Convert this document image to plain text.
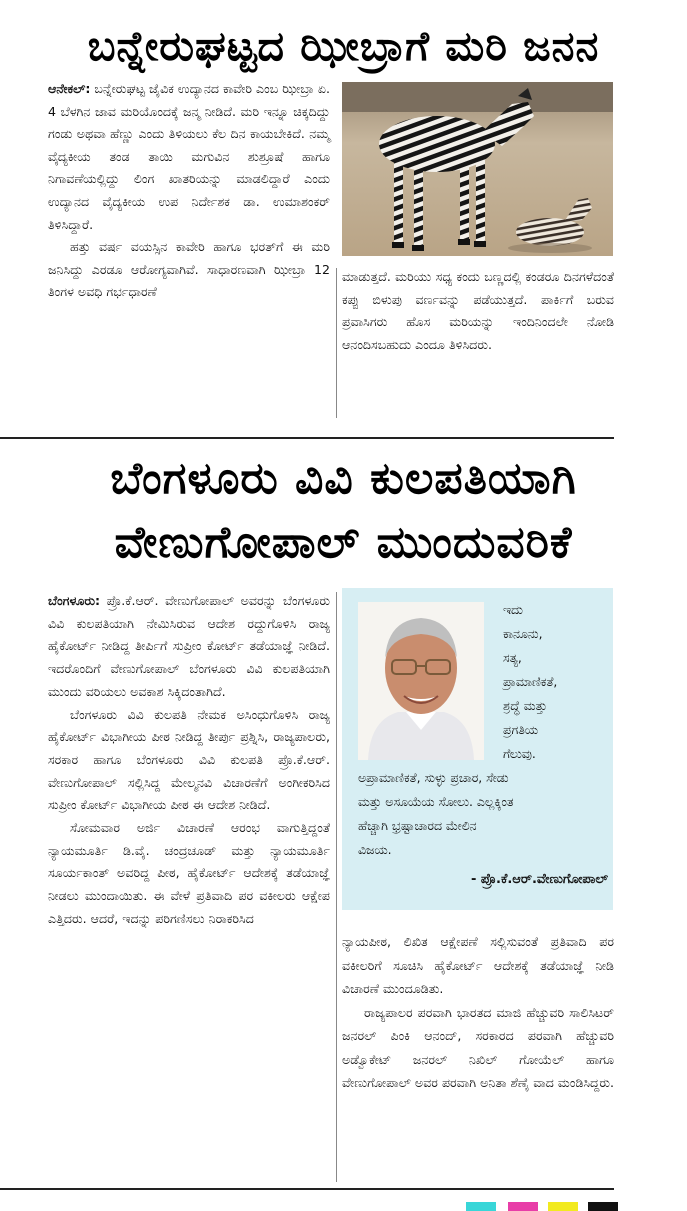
ಬನ್ನೇರುಘಟ್ಟದ ಝೀಬ್ರಾಗೆ ಮರಿ ಜನನ

ಆನೇಕಲ್: ಬನ್ನೇರುಘಟ್ಟ ಜೈವಿಕ ಉದ್ಯಾನದ ಕಾವೇರಿ ಎಂಬ ಝೀಬ್ರಾ ಏ. 4 ಬೆಳಗಿನ ಜಾವ ಮರಿಯೊಂದಕ್ಕೆ ಜನ್ಮ ನೀಡಿದೆ. ಮರಿ ಇನ್ನೂ ಚಿಕ್ಕದಿದ್ದು ಗಂಡು ಅಥವಾ ಹೆಣ್ಣು ಎಂದು ತಿಳಿಯಲು ಕೆಲ ದಿನ ಕಾಯಬೇಕಿದೆ. ನಮ್ಮ ವೈದ್ಯಕೀಯ ತಂಡ ತಾಯಿ ಮಗುವಿನ ಶುಶ್ರೂಷೆ ಹಾಗೂ ನಿಗಾವಣೆಯಲ್ಲಿದ್ದು ಲಿಂಗ ಖಾತರಿಯನ್ನು ಮಾಡಲಿದ್ದಾರೆ ಎಂದು ಉದ್ಯಾನದ ವೈದ್ಯಕೀಯ ಉಪ ನಿರ್ದೇಶಕ ಡಾ. ಉಮಾಶಂಕರ್ ತಿಳಿಸಿದ್ದಾರೆ.

ಹತ್ತು ವರ್ಷ ವಯಸ್ಸಿನ ಕಾವೇರಿ ಹಾಗೂ ಭರತ್‌ಗೆ ಈ ಮರಿ ಜನಿಸಿದ್ದು ಎರಡೂ ಆರೋಗ್ಯವಾಗಿವೆ. ಸಾಧಾರಣವಾಗಿ ಝೀಬ್ರಾ 12 ತಿಂಗಳ ಅವಧಿ ಗರ್ಭಧಾರಣೆ

ಮಾಡುತ್ತದೆ. ಮರಿಯು ಸಧ್ಯ ಕಂದು ಬಣ್ಣದಲ್ಲಿ ಕಂಡರೂ ದಿನಗಳೆದಂತೆ ಕಪ್ಪು ಬಿಳುಪು ವರ್ಣವನ್ನು ಪಡೆಯುತ್ತದೆ. ಪಾರ್ಕಿಗೆ ಬರುವ ಪ್ರವಾಸಿಗರು ಹೊಸ ಮರಿಯನ್ನು ಇಂದಿನಿಂದಲೇ ನೋಡಿ ಆನಂದಿಸಬಹುದು ಎಂದೂ ತಿಳಿಸಿದರು.

ಬೆಂಗಳೂರು ವಿವಿ ಕುಲಪತಿಯಾಗಿ
ವೇಣುಗೋಪಾಲ್ ಮುಂದುವರಿಕೆ

ಬೆಂಗಳೂರು: ಪ್ರೊ.ಕೆ.ಆರ್. ವೇಣುಗೋಪಾಲ್ ಅವರನ್ನು ಬೆಂಗಳೂರು ವಿವಿ ಕುಲಪತಿಯಾಗಿ ನೇಮಿಸಿರುವ ಆದೇಶ ರದ್ದುಗೊಳಿಸಿ ರಾಜ್ಯ ಹೈಕೋರ್ಟ್ ನೀಡಿದ್ದ ತೀರ್ಪಿಗೆ ಸುಪ್ರೀಂ ಕೋರ್ಟ್ ತಡೆಯಾಜ್ಞೆ ನೀಡಿದೆ. ಇದರೊಂದಿಗೆ ವೇಣುಗೋಪಾಲ್ ಬೆಂಗಳೂರು ವಿವಿ ಕುಲಪತಿಯಾಗಿ ಮುಂದು ವರಿಯಲು ಅವಕಾಶ ಸಿಕ್ಕಿದಂತಾಗಿದೆ.

ಬೆಂಗಳೂರು ವಿವಿ ಕುಲಪತಿ ನೇಮಕ ಅಸಿಂಧುಗೊಳಿಸಿ ರಾಜ್ಯ ಹೈಕೋರ್ಟ್ ವಿಭಾಗೀಯ ಪೀಠ ನೀಡಿದ್ದ ತೀರ್ಪು ಪ್ರಶ್ನಿಸಿ, ರಾಜ್ಯಪಾಲರು, ಸರಕಾರ ಹಾಗೂ ಬೆಂಗಳೂರು ವಿವಿ ಕುಲಪತಿ ಪ್ರೊ.ಕೆ.ಆರ್. ವೇಣುಗೋಪಾಲ್ ಸಲ್ಲಿಸಿದ್ದ ಮೇಲ್ಮನವಿ ವಿಚಾರಣೆಗೆ ಅಂಗೀಕರಿಸಿದ ಸುಪ್ರೀಂ ಕೋರ್ಟ್ ವಿಭಾಗೀಯ ಪೀಠ ಈ ಆದೇಶ ನೀಡಿದೆ.

ಸೋಮವಾರ ಅರ್ಜಿ ವಿಚಾರಣೆ ಆರಂಭ ವಾಗುತ್ತಿದ್ದಂತೆ ನ್ಯಾಯಮೂರ್ತಿ ಡಿ.ವೈ. ಚಂದ್ರಚೂಡ್ ಮತ್ತು ನ್ಯಾಯಮೂರ್ತಿ ಸೂರ್ಯಕಾಂತ್ ಅವರಿದ್ದ ಪೀಠ, ಹೈಕೋರ್ಟ್ ಆದೇಶಕ್ಕೆ ತಡೆಯಾಜ್ಞೆ ನೀಡಲು ಮುಂದಾಯಿತು. ಈ ವೇಳೆ ಪ್ರತಿವಾದಿ ಪರ ವಕೀಲರು ಆಕ್ಷೇಪ ಎತ್ತಿದರು. ಆದರೆ, ಇದನ್ನು ಪರಿಗಣಿಸಲು ನಿರಾಕರಿಸಿದ

ಇದು
ಕಾನೂನು,
ಸತ್ಯ,
ಪ್ರಾಮಾಣಿಕತೆ,
ಶ್ರದ್ಧೆ ಮತ್ತು
ಪ್ರಗತಿಯ
ಗೆಲುವು.
ಅಪ್ರಾಮಾಣಿಕತೆ, ಸುಳ್ಳು ಪ್ರಚಾರ, ಸೇಡು
ಮತ್ತು ಅಸೂಯೆಯ ಸೋಲು. ಎಲ್ಲಕ್ಕಿಂತ
ಹೆಚ್ಚಾಗಿ ಭ್ರಷ್ಟಾಚಾರದ ಮೇಲಿನ
ವಿಜಯ.
- ಪ್ರೊ.ಕೆ.ಆರ್.ವೇಣುಗೋಪಾಲ್

ನ್ಯಾಯಪೀಠ, ಲಿಖಿತ ಆಕ್ಷೇಪಣೆ ಸಲ್ಲಿಸುವಂತೆ ಪ್ರತಿವಾದಿ ಪರ ವಕೀಲರಿಗೆ ಸೂಚಿಸಿ ಹೈಕೋರ್ಟ್ ಆದೇಶಕ್ಕೆ ತಡೆಯಾಜ್ಞೆ ನೀಡಿ ವಿಚಾರಣೆ ಮುಂದೂಡಿತು.

ರಾಜ್ಯಪಾಲರ ಪರವಾಗಿ ಭಾರತದ ಮಾಜಿ ಹೆಚ್ಚುವರಿ ಸಾಲಿಸಿಟರ್ ಜನರಲ್ ಪಿಂಕಿ ಆನಂದ್, ಸರಕಾರದ ಪರವಾಗಿ ಹೆಚ್ಚುವರಿ ಅಡ್ವೊಕೇಟ್ ಜನರಲ್ ನಿಖಿಲ್ ಗೋಯೆಲ್ ಹಾಗೂ ವೇಣುಗೋಪಾಲ್ ಅವರ ಪರವಾಗಿ ಅನಿತಾ ಶೆಣೈ ವಾದ ಮಂಡಿಸಿದ್ದರು.
